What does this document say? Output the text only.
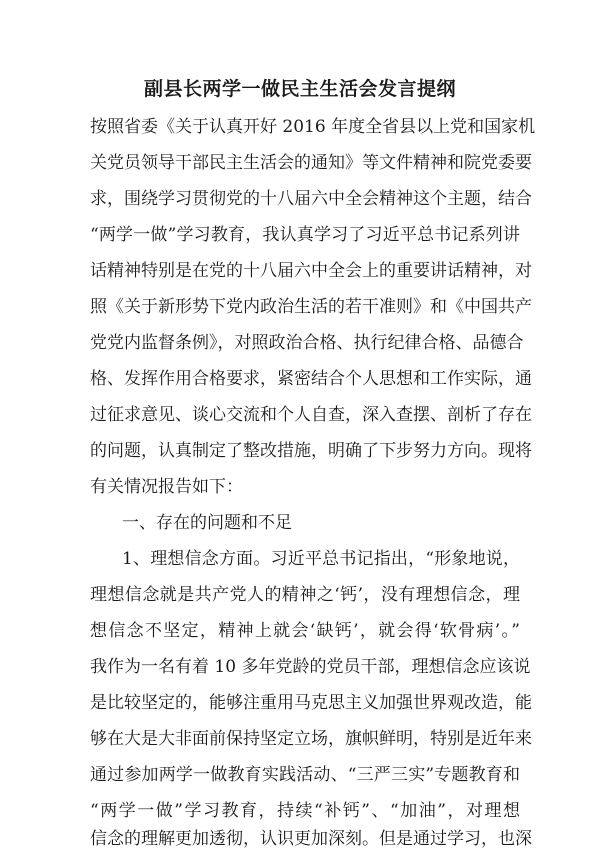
副县长两学一做民主生活会发言提纲
按照省委《关于认真开好 2016 年度全省县以上党和国家机
关党员领导干部民主生活会的通知》等文件精神和院党委要
求，围绕学习贯彻党的十八届六中全会精神这个主题，结合
“两学一做”学习教育，我认真学习了习近平总书记系列讲
话精神特别是在党的十八届六中全会上的重要讲话精神，对
照《关于新形势下党内政治生活的若干准则》和《中国共产
党党内监督条例》，对照政治合格、执行纪律合格、品德合
格、发挥作用合格要求，紧密结合个人思想和工作实际，通
过征求意见、谈心交流和个人自查，深入查摆、剖析了存在
的问题，认真制定了整改措施，明确了下步努力方向。现将
有关情况报告如下：
一、存在的问题和不足
1、理想信念方面。习近平总书记指出，“形象地说，
理想信念就是共产党人的精神之‘钙’，没有理想信念，理
想信念不坚定，精神上就会‘缺钙’，就会得‘软骨病’。”
我作为一名有着 10 多年党龄的党员干部，理想信念应该说
是比较坚定的，能够注重用马克思主义加强世界观改造，能
够在大是大非面前保持坚定立场，旗帜鲜明，特别是近年来
通过参加两学一做教育实践活动、“三严三实”专题教育和
“两学一做”学习教育，持续“补钙”、“加油”，对理想
信念的理解更加透彻，认识更加深刻。但是通过学习，也深
